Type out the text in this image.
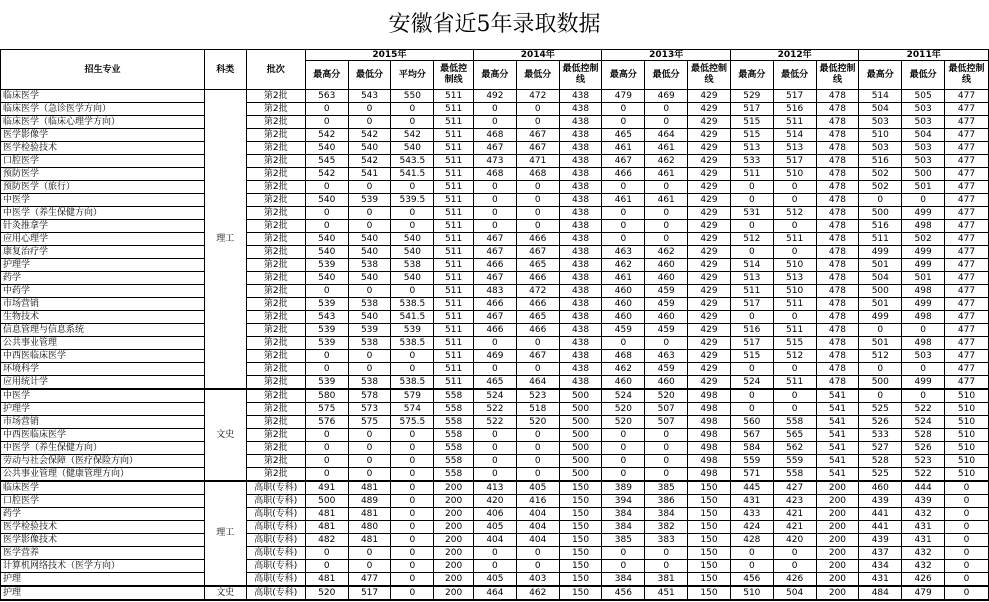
安徽省近5年录取数据
招生专业	科类	批次	2015年				2014年			2013年			2012年			2011年		
			最高分	最低分	平均分	最低控制线	最高分	最低分	最低控制线	最高分	最低分	最低控制线	最高分	最低分	最低控制线	最高分	最低分	最低控制线
临床医学	理工	第2批	563	543	550	511	492	472	438	479	469	429	529	517	478	514	505	477
临床医学（急诊医学方向）		第2批	0	0	0	511	0	0	438	0	0	429	517	516	478	504	503	477
临床医学（临床心理学方向）		第2批	0	0	0	511	0	0	438	0	0	429	515	511	478	503	503	477
医学影像学		第2批	542	542	542	511	468	467	438	465	464	429	515	514	478	510	504	477
医学检验技术		第2批	540	540	540	511	467	467	438	461	461	429	513	513	478	503	503	477
口腔医学		第2批	545	542	543.5	511	473	471	438	467	462	429	533	517	478	516	503	477
预防医学		第2批	542	541	541.5	511	468	468	438	466	461	429	511	510	478	502	500	477
预防医学（旅行）		第2批	0	0	0	511	0	0	438	0	0	429	0	0	478	502	501	477
中医学		第2批	540	539	539.5	511	0	0	438	461	461	429	0	0	478	0	0	477
中医学（养生保健方向）		第2批	0	0	0	511	0	0	438	0	0	429	531	512	478	500	499	477
针灸推拿学		第2批	0	0	0	511	0	0	438	0	0	429	0	0	478	516	498	477
应用心理学		第2批	540	540	540	511	467	466	438	0	0	429	512	511	478	511	502	477
康复治疗学		第2批	540	540	540	511	467	467	438	463	462	429	0	0	478	499	499	477
护理学		第2批	539	538	538	511	466	465	438	462	460	429	514	510	478	501	499	477
药学		第2批	540	540	540	511	467	466	438	461	460	429	513	513	478	504	501	477
中药学		第2批	0	0	0	511	483	472	438	460	459	429	511	510	478	500	498	477
市场营销		第2批	539	538	538.5	511	466	466	438	460	459	429	517	511	478	501	499	477
生物技术		第2批	543	540	541.5	511	467	465	438	460	460	429	0	0	478	499	498	477
信息管理与信息系统		第2批	539	539	539	511	466	466	438	459	459	429	516	511	478	0	0	477
公共事业管理		第2批	539	538	538.5	511	0	0	438	0	0	429	517	515	478	501	498	477
中西医临床医学		第2批	0	0	0	511	469	467	438	468	463	429	515	512	478	512	503	477
环境科学		第2批	0	0	0	511	0	0	438	462	459	429	0	0	478	0	0	477
应用统计学		第2批	539	538	538.5	511	465	464	438	460	460	429	524	511	478	500	499	477
中医学	文史	第2批	580	578	579	558	524	523	500	524	520	498	0	0	541	0	0	510
护理学		第2批	575	573	574	558	522	518	500	520	507	498	0	0	541	525	522	510
市场营销		第2批	576	575	575.5	558	522	520	500	520	507	498	560	558	541	526	524	510
中西医临床医学		第2批	0	0	0	558	0	0	500	0	0	498	567	565	541	533	528	510
中医学（养生保健方向）		第2批	0	0	0	558	0	0	500	0	0	498	584	562	541	527	526	510
劳动与社会保障（医疗保险方向）		第2批	0	0	0	558	0	0	500	0	0	498	559	559	541	528	523	510
公共事业管理（健康管理方向）		第2批	0	0	0	558	0	0	500	0	0	498	571	558	541	525	522	510
临床医学	理工	高职(专科)	491	481	0	200	413	405	150	389	385	150	445	427	200	460	444	0
口腔医学		高职(专科)	500	489	0	200	420	416	150	394	386	150	431	423	200	439	439	0
药学		高职(专科)	481	481	0	200	406	404	150	384	384	150	433	421	200	441	432	0
医学检验技术		高职(专科)	481	480	0	200	405	404	150	384	382	150	424	421	200	441	431	0
医学影像技术		高职(专科)	482	481	0	200	404	404	150	385	383	150	428	420	200	439	431	0
医学营养		高职(专科)	0	0	0	200	0	0	150	0	0	150	0	0	200	437	432	0
计算机网络技术（医学方向）		高职(专科)	0	0	0	200	0	0	150	0	0	150	0	0	200	434	432	0
护理		高职(专科)	481	477	0	200	405	403	150	384	381	150	456	426	200	431	426	0
护理	文史	高职(专科)	520	517	0	200	464	462	150	456	451	150	510	504	200	484	479	0
